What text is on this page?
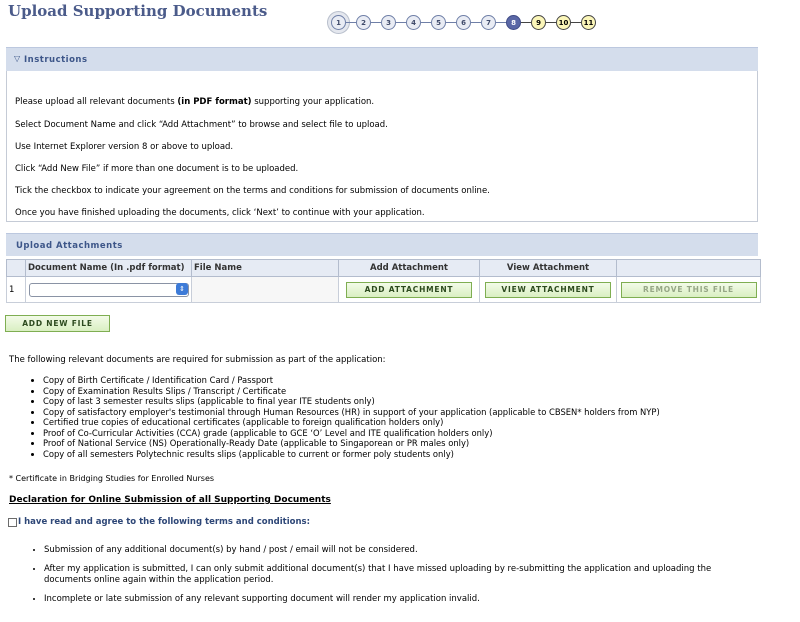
Upload Supporting Documents
1	2	3	4	5	6	7	8	9	10	11
▽ Instructions

Please upload all relevant documents (in PDF format) supporting your application.

Select Document Name and click “Add Attachment” to browse and select file to upload.

Use Internet Explorer version 8 or above to upload.

Click “Add New File” if more than one document is to be uploaded.

Tick the checkbox to indicate your agreement on the terms and conditions for submission of documents online.

Once you have finished uploading the documents, click ‘Next’ to continue with your application.

Upload Attachments
	Document Name (In .pdf format)	File Name	Add Attachment	View Attachment	
1	⇕		ADD ATTACHMENT	VIEW ATTACHMENT	REMOVE THIS FILE
ADD NEW FILE

The following relevant documents are required for submission as part of the application:

• Copy of Birth Certificate / Identification Card / Passport
• Copy of Examination Results Slips / Transcript / Certificate
• Copy of last 3 semester results slips (applicable to final year ITE students only)
• Copy of satisfactory employer's testimonial through Human Resources (HR) in support of your application (applicable to CBSEN* holders from NYP)
• Certified true copies of educational certificates (applicable to foreign qualification holders only)
• Proof of Co-Curricular Activities (CCA) grade (applicable to GCE ‘O’ Level and ITE qualification holders only)
• Proof of National Service (NS) Operationally-Ready Date (applicable to Singaporean or PR males only)
• Copy of all semesters Polytechnic results slips (applicable to current or former poly students only)

* Certificate in Bridging Studies for Enrolled Nurses

Declaration for Online Submission of all Supporting Documents

I have read and agree to the following terms and conditions:
• Submission of any additional document(s) by hand / post / email will not be considered.
• After my application is submitted, I can only submit additional document(s) that I have missed uploading by re-submitting the application and uploading the documents online again within the application period.
• Incomplete or late submission of any relevant supporting document will render my application invalid.
